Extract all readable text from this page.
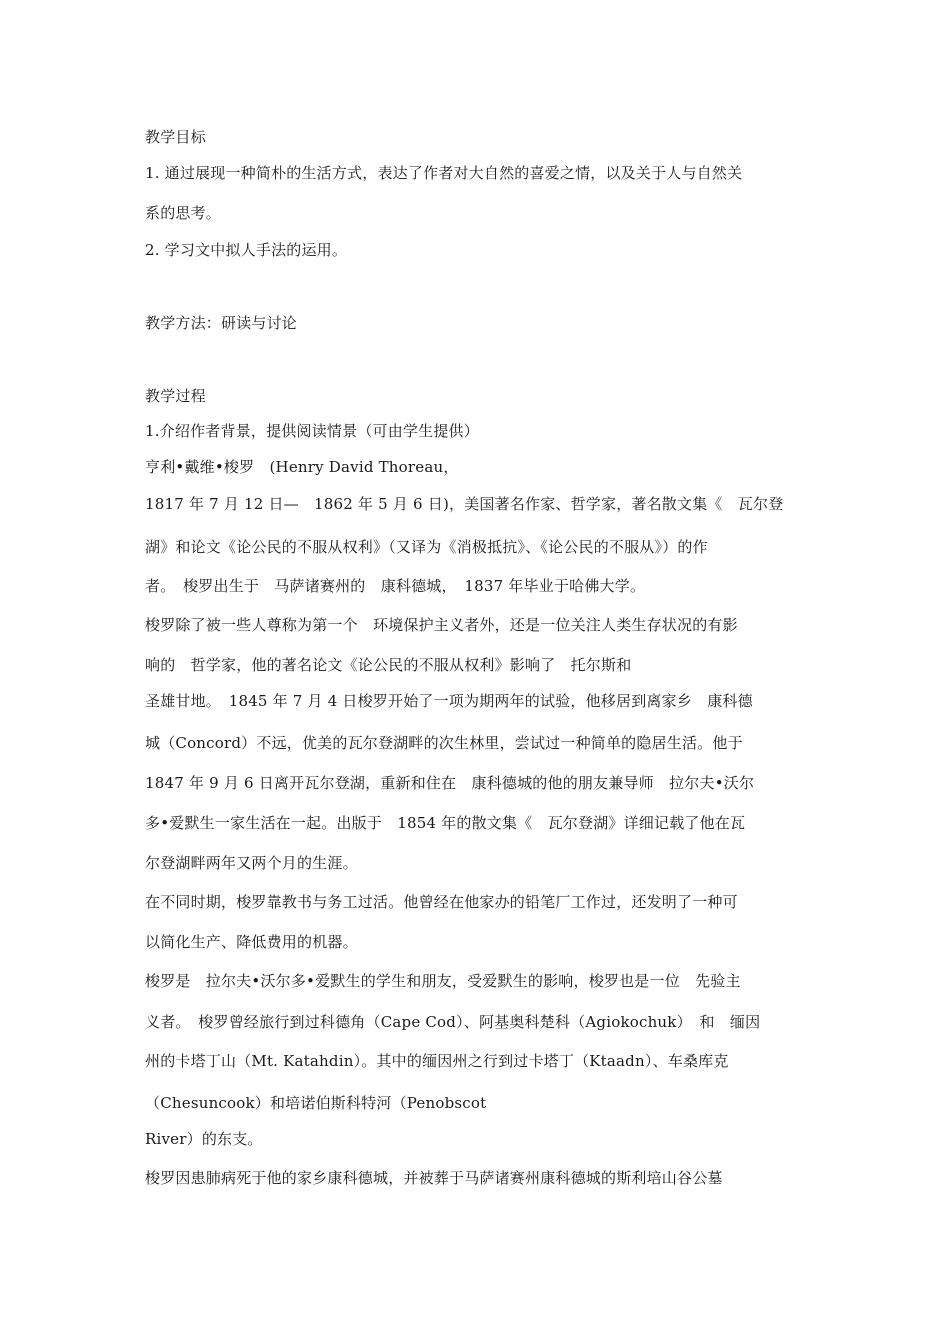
教学目标
1. 通过展现一种简朴的生活方式，表达了作者对大自然的喜爱之情，以及关于人与自然关
系的思考。
2. 学习文中拟人手法的运用。
教学方法：研读与讨论
教学过程
1.介绍作者背景，提供阅读情景（可由学生提供）
亨利•戴维•梭罗　(Henry David Thoreau，
1817 年 7 月 12 日—　1862 年 5 月 6 日)，美国著名作家、哲学家，著名散文集《　瓦尔登
湖》和论文《论公民的不服从权利》（又译为《消极抵抗》、《论公民的不服从》）的作
者。　梭罗出生于　马萨诸赛州的　康科德城，　1837 年毕业于哈佛大学。
梭罗除了被一些人尊称为第一个　环境保护主义者外，还是一位关注人类生存状况的有影
响的　哲学家，他的著名论文《论公民的不服从权利》影响了　托尔斯和
圣雄甘地。　1845 年 7 月 4 日梭罗开始了一项为期两年的试验，他移居到离家乡　康科德
城（Concord）不远，优美的瓦尔登湖畔的次生林里，尝试过一种简单的隐居生活。他于
1847 年 9 月 6 日离开瓦尔登湖，重新和住在　康科德城的他的朋友兼导师　拉尔夫•沃尔
多•爱默生一家生活在一起。出版于　1854 年的散文集《　瓦尔登湖》详细记载了他在瓦
尔登湖畔两年又两个月的生涯。
在不同时期，梭罗靠教书与务工过活。他曾经在他家办的铅笔厂工作过，还发明了一种可
以简化生产、降低费用的机器。
梭罗是　拉尔夫•沃尔多•爱默生的学生和朋友，受爱默生的影响，梭罗也是一位　先验主
义者。　梭罗曾经旅行到过科德角（Cape Cod）、阿基奥科楚科（Agiokochuk）　和　缅因
州的卡塔丁山（Mt. Katahdin）。其中的缅因州之行到过卡塔丁（Ktaadn）、车桑库克
（Chesuncook）和培诺伯斯科特河（Penobscot
River）的东支。
梭罗因患肺病死于他的家乡康科德城，并被葬于马萨诸赛州康科德城的斯利培山谷公墓
